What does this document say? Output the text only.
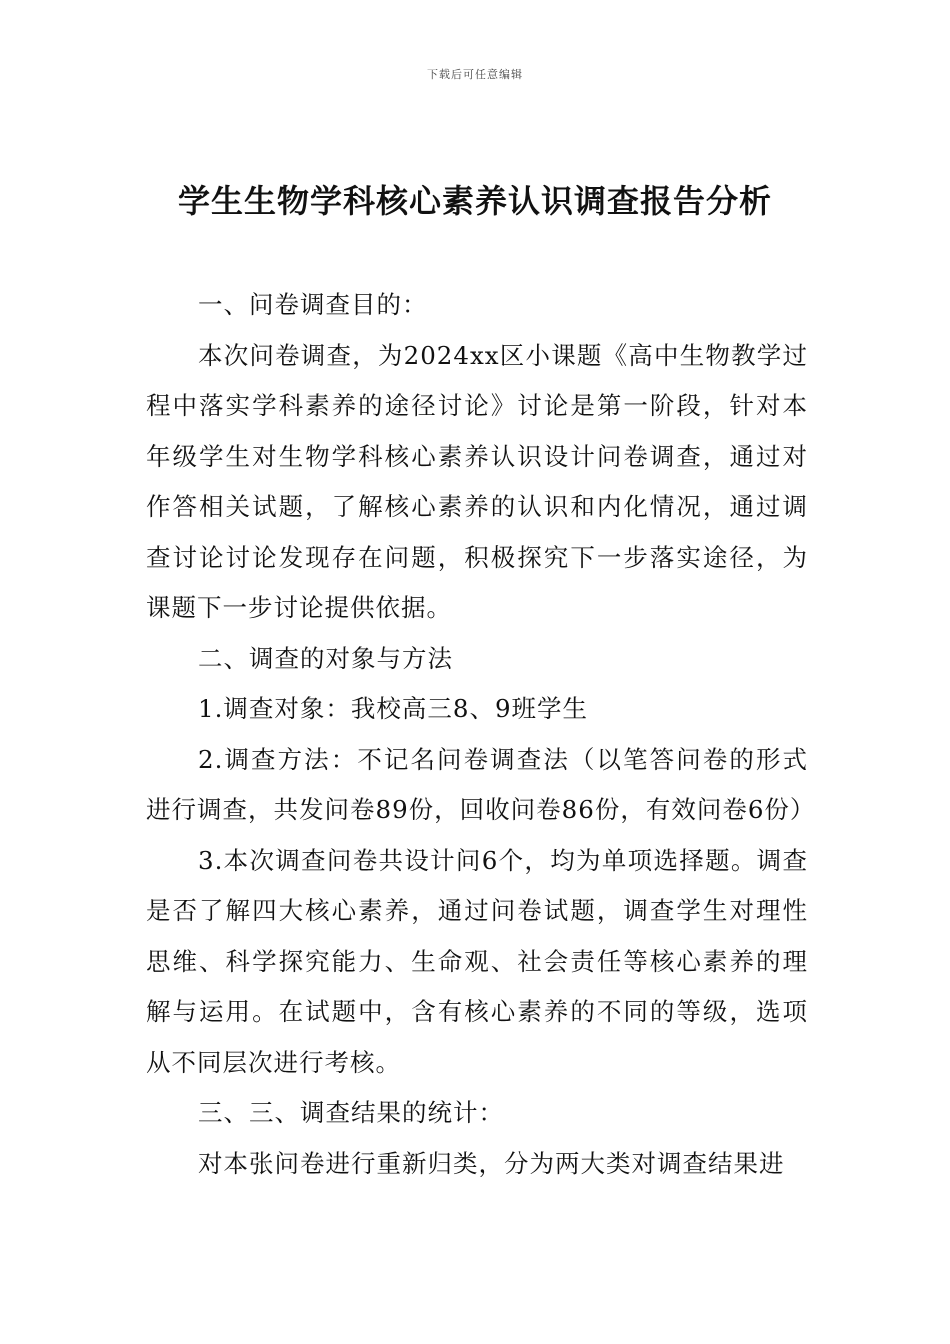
下载后可任意编辑
学生生物学科核心素养认识调查报告分析

一、问卷调查目的：

本次问卷调查，为2024xx区小课题《高中生物教学过程中落实学科素养的途径讨论》讨论是第一阶段，针对本年级学生对生物学科核心素养认识设计问卷调查，通过对作答相关试题，了解核心素养的认识和内化情况，通过调查讨论讨论发现存在问题，积极探究下一步落实途径，为课题下一步讨论提供依据。

二、调查的对象与方法

1.调查对象：我校高三8、9班学生

2.调查方法：不记名问卷调查法（以笔答问卷的形式进行调查，共发问卷89份，回收问卷86份，有效问卷6份）

3.本次调查问卷共设计问6个，均为单项选择题。调查是否了解四大核心素养，通过问卷试题，调查学生对理性思维、科学探究能力、生命观、社会责任等核心素养的理解与运用。在试题中，含有核心素养的不同的等级，选项从不同层次进行考核。

三、三、调查结果的统计：

对本张问卷进行重新归类，分为两大类对调查结果进
